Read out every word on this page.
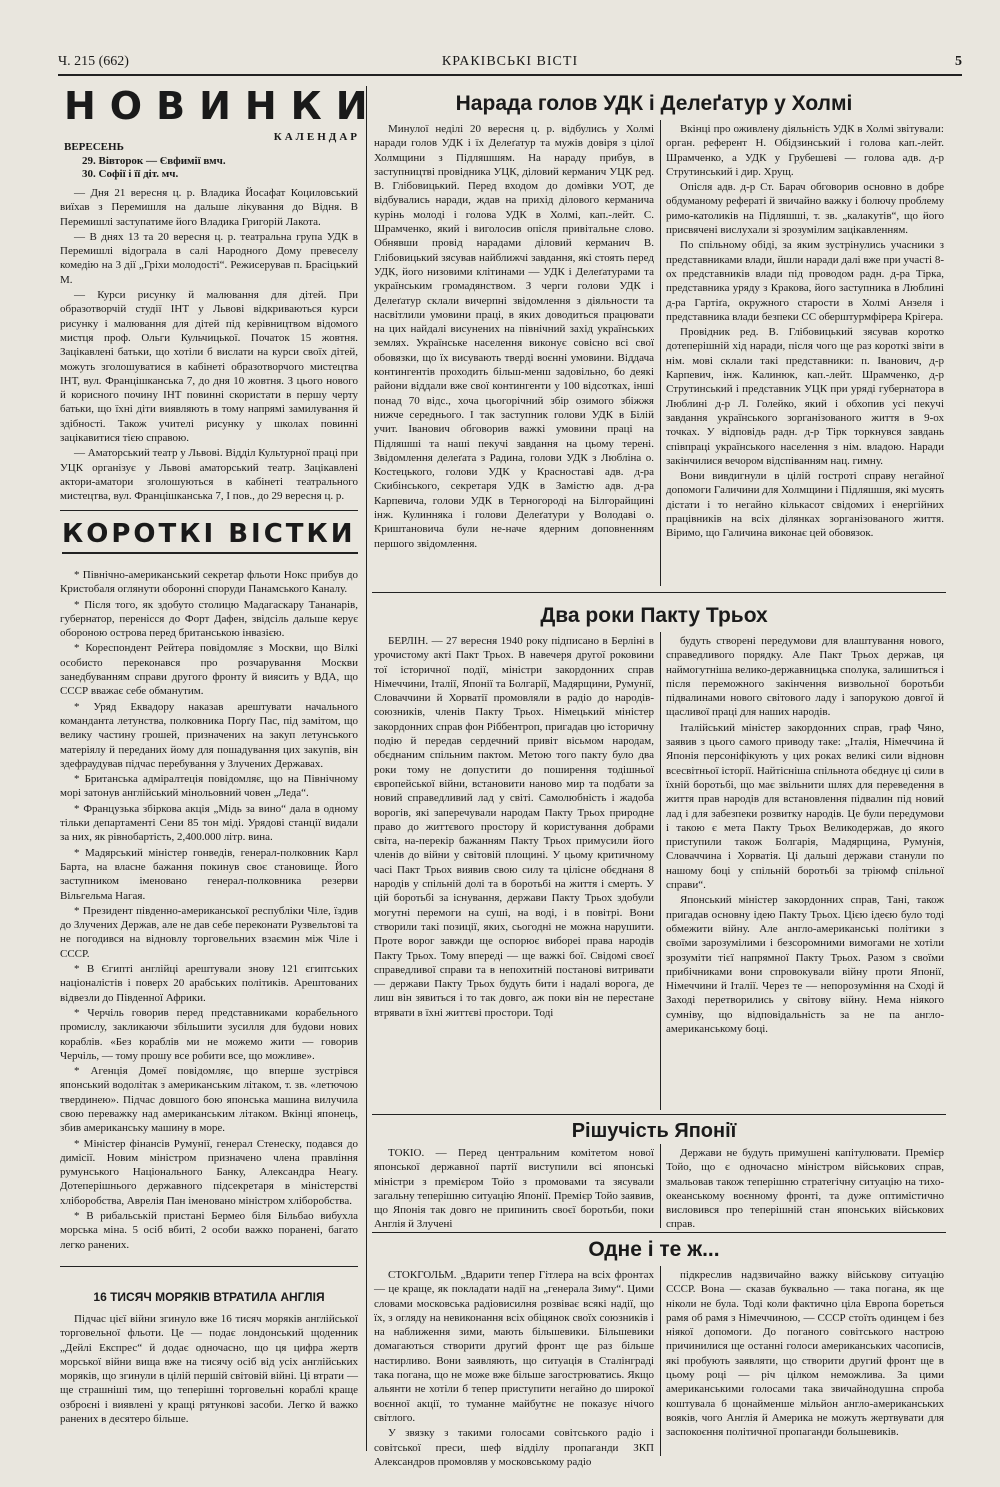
Ч. 215 (662)	КРАКІВСЬКІ ВІСТІ	5
НОВИНКИ
КАЛЕНДАР
ВЕРЕСЕНЬ
29. Вівторок — Євфимії вмч.
30. Софії і її діт. мч.

— Дня 21 вересня ц. р. Владика Йосафат Коциловський виїхав з Перемишля на дальше лікування до Відня. В Перемишлі заступатиме його Владика Григорій Лакота.

— В днях 13 та 20 вересня ц. р. театральна група УДК в Перемишлі відограла в салі Народного Дому превеселу комедію на 3 дії „Гріхи молодості“. Режисерував п. Брасіцький М.

— Курси рисунку й малювання для дітей. При образотворчій студії ІНТ у Львові відкриваються курси рисунку і малювання для дітей під керівництвом відомого мистця проф. Ольги Кульчицької. Початок 15 жовтня. Зацікавлені батьки, що хотіли б вислати на курси своїх дітей, можуть зголошуватися в кабінеті образотворчого мистецтва ІНТ, вул. Францішканська 7, до дня 10 жовтня. З цього нового й корисного почину ІНТ повинні скористати в першу черту батьки, що їхні діти виявляють в тому напрямі замилування й здібності. Також учителі рисунку у школах повинні зацікавитися тією справою.

— Аматорський театр у Львові. Відділ Культурної праці при УЦК організує у Львові аматорський театр. Зацікавлені актори-аматори зголошуються в кабінеті театрального мистецтва, вул. Францішканська 7, І пов., до 29 вересня ц. р.

КОРОТКІ ВІСТКИ

* Північно-американський секретар фльоти Нокс прибув до Кристобаля оглянути оборонні споруди Панамського Каналу.

* Після того, як здобуто столицю Мадагаскару Тананарів, губернатор, перенісся до Форт Дафен, звідсіль дальше керує обороною острова перед британською інвазією.

* Кореспондент Рейтера повідомляє з Москви, що Вілкі особисто переконався про розчарування Москви занедбуванням справи другого фронту й виясить у ВДА, що СССР вважає себе обманутим.

* Уряд Еквадору наказав арештувати начального команданта летунства, полковника Порґу Пас, під замітом, що велику частину грошей, призначених на закуп летунського матеріялу й переданих йому для пошадування цих закупів, він здефраудував підчас перебування у Злучених Державах.

* Британська адміралтеція повідомляє, що на Північному морі затонув англійський мінольовний човен „Леда“.

* Французька збіркова акція „Мідь за вино“ дала в одному тільки департаменті Сени 85 тон міді. Урядові станції видали за них, як рівнобартість, 2,400.000 літр. вина.

* Мадярський міністер гонведів, генерал-полковник Карл Барта, на власне бажання покинув своє становище. Його заступником іменовано генерал-полковника резерви Вільгельма Нагая.

* Президент південно-американської республіки Чіле, їздив до Злучених Держав, але не дав себе переконати Рузвельтові та не погодився на відновлу торговельних взаємин між Чіле і СССР.

* В Єгипті англійці арештували знову 121 єгиптських націоналістів і поверх 20 арабських політиків. Арештованих відвезли до Південної Африки.

* Черчіль говорив перед представниками корабельного промислу, закликаючи збільшити зусилля для будови нових кораблів. «Без кораблів ми не можемо жити — говорив Черчіль, — тому прошу все робити все, що можливе».

* Агенція Домеї повідомляє, що вперше зустрівся японський водолітак з американським літаком, т. зв. «летючою твердинею». Підчас довшого бою японська машина вилучила свою переважку над американським літаком. Вкінці японець, збив американську машину в море.

* Міністер фінансів Румунії, генерал Стенеску, подався до димісії. Новим міністром призначено члена правління румунського Національного Банку, Александра Неагу. Дотеперішнього державного підсекретаря в міністерстві хліборобства, Аврелія Пан іменовано міністром хліборобства.

* В рибальській пристані Бермео біля Більбао вибухла морська міна. 5 осіб вбиті, 2 особи важко поранені, багато легко ранених.

16 ТИСЯЧ МОРЯКІВ ВТРАТИЛА АНГЛІЯ

Підчас цієї війни згинуло вже 16 тисяч моряків англійської торговельної фльоти. Це — подає лондонський щоденник „Дейлі Експрес“ й додає одночасно, що ця цифра жертв морської війни вища вже на тисячу осіб від усіх англійських моряків, що згинули в цілій першій світовій війні. Ці втрати — ще страшніші тим, що теперішні торговельні кораблі краще озброєні і виявлені у кращі рятункові засоби. Легко й важко ранених в десятеро більше.

Нарада голов УДК і Делеґатур у Холмі

Минулої неділі 20 вересня ц. р. відбулись у Холмі наради голов УДК і їх Делеґатур та мужів довіря з цілої Холмщини з Підляшшям. На нараду прибув, в заступництві провідника УЦК, діловий керманич УЦК ред. В. Глібовицький. Перед входом до домівки УОТ, де відбувались наради, ждав на прихід ділового керманича курінь молоді і голова УДК в Холмі, кап.-лейт. С. Шрамченко, який і виголосив опісля привітальне слово. Обнявши провід нарадами діловий керманич В. Глібовицький зясував найближчі завдання, які стоять перед УДК, його низовими клітинами — УДК і Делеґатурами та українським громадянством. З черги голови УДК і Делеґатур склали вичерпні звідомлення з діяльности та насвітлили умовини праці, в яких доводиться працювати на цих найдалі висунених на північний захід українських землях. Українське населення виконує совісно всі свої обовязки, що їх висувають тверді воєнні умовини. Віддача контингентів проходить більш-менш задовільно, бо деякі райони віддали вже свої контингенти у 100 відсотках, інші понад 70 відс., хоча цьогорічний збір озимого збіжжя нижче середнього. І так заступник голови УДК в Білій учит. Іванович обговорив важкі умовини праці на Підляшші та наші пекучі завдання на цьому терені. Звідомлення делеґата з Радина, голови УДК з Любліна о. Костецького, голови УДК у Красноставі адв. д-ра Скибінського, секретаря УДК в Замістю адв. д-ра Карпевича, голови УДК в Терногороді на Білгорайщині інж. Кулинняка і голови Делеґатури у Володаві о. Криштановича були не-наче ядерним доповненням першого звідомлення.

Вкінці про оживлену діяльність УДК в Холмі звітували: орган. референт Н. Обідзинський і голова кап.-лейт. Шрамченко, а УДК у Грубешеві — голова адв. д-р Струтинський і дир. Хрущ.

Опісля адв. д-р Ст. Барач обговорив основно в добре обдуманому рефераті й звичайно важку і болючу проблему римо-католиків на Підляшші, т. зв. „калакутів“, що його присвячені вислухали зі зрозумілим зацікавленням.

По спільному обіді, за яким зустрінулись учасники з представниками влади, йшли наради далі вже при участі 8-ох представників влади під проводом радн. д-ра Тірка, представника уряду з Кракова, його заступника в Люблині д-ра Гартіґа, окружного старости в Холмі Анзеля і представника влади безпеки СС оберштурмфірера Крігера.

Провідник ред. В. Глібовицький зясував коротко дотеперішній хід наради, після чого ще раз короткі звіти в нім. мові склали такі представники: п. Іванович, д-р Карпевич, інж. Калинюк, кап.-лейт. Шрамченко, д-р Струтинський і представник УЦК при уряді губернатора в Люблині д-р Л. Голейко, який і обхопив усі пекучі завдання українського зорганізованого життя в 9-ох точках. У відповідь радн. д-р Тірк торкнувся завдань співпраці українського населення з нім. владою. Наради закінчилися вечором відспіванням нац. гимну.

Вони вивдигнули в цілій гостроті справу негайної допомоги Галичини для Холмщини і Підляшшя, які мусять дістати і то негайно кількасот свідомих і енергійних працівників на всіх ділянках зорганізованого життя. Віримо, що Галичина виконає цей обовязок.

Два роки Пакту Трьох

БЕРЛІН. — 27 вересня 1940 року підписано в Берліні в урочистому акті Пакт Трьох. В навечеря другої роковини тої історичної події, міністри закордонних справ Німеччини, Італії, Японії та Болгарії, Мадярщини, Румунії, Словаччини й Хорватії промовляли в радіо до народів-союзників, членів Пакту Трьох. Німецький міністер закордонних справ фон Ріббентроп, пригадав цю історичну подію й передав сердечний привіт вісьмом народам, обєднаним спільним пактом. Метою того пакту було два роки тому не допустити до поширення тодішньої європейської війни, встановити наново мир та подбати за новий справедливий лад у світі. Самолюбність і жадоба ворогів, які заперечували народам Пакту Трьох природне право до життєвого простору й користування добрами світа, на-перекір бажанням Пакту Трьох примусили його членів до війни у світовій площині. У цьому критичному часі Пакт Трьох виявив свою силу та цілісне обєднаня 8 народів у спільній долі та в боротьбі на життя і смерть. У цій боротьбі за існування, держави Пакту Трьох здобули могутні перемоги на суші, на воді, і в повітрі. Вони створили такі позиції, яких, сьогодні не можна нарушити. Проте ворог завжди ще оспорює вибореі права народів Пакту Трьох. Тому впереді — ще важкі бої. Свідомі своєї справедливої справи та в непохитній постанові витривати — держави Пакту Трьох будуть бити і надалі ворога, де лиш він зявиться і то так довго, аж поки він не перестане втрявати в їхні життєві простори. Тоді

будуть створені передумови для влаштування нового, справедливого порядку. Але Пакт Трьох держав, ця наймогутніша велико-державницька сполука, залишиться і після переможного закінчення визвольної боротьби підвалинами нового світового ладу і запорукою довгої й щасливої праці для наших народів.

Італійський міністер закордонних справ, граф Чяно, заявив з цього самого приводу таке: „Італія, Німеччина й Японія персоніфікують у цих роках великі сили відновн всесвітньої історії. Найтісніша спільнота обєднує ці сили в їхній боротьбі, що має звільнити шлях для переведення в життя прав народів для встановлення підвалин під новий лад і для забезпеки розвитку народів. Це були передумови і такою є мета Пакту Трьох Великодержав, до якого приступили також Болгарія, Мадярщина, Румунія, Словаччина і Хорватія. Ці дальші держави станули по нашому боці у спільній боротьбі за тріюмф спільної справи“.

Японський міністер закордонних справ, Тані, також пригадав основну ідею Пакту Трьох. Цією ідеєю було тоді обмежити війну. Але англо-американські політики з своїми зарозумілими і безсоромними вимогами не хотіли зрозуміти тієї напрямної Пакту Трьох. Разом з своїми прибічниками вони спровокували війну проти Японії, Німеччини й Італії. Через те — непорозуміння на Сході й Заході перетворились у світову війну. Нема ніякого сумніву, що відповідальність за не па англо-американському боці.

Рішучість Японії

ТОКІО. — Перед центральним комітетом нової японської державної партії виступили всі японські міністри з премієром Тойо з промовами та зясували загальну теперішню ситуацію Японії. Премієр Тойо заявив, що Японія так довго не припинить своєї боротьби, поки Англія й Злучені

Держави не будуть примушені капітулювати. Премієр Тойо, що є одночасно міністром військових справ, змальовав також теперішню стратегічну ситуацію на тихо-океанському воєнному фронті, та дуже оптимістично висловився про теперішній стан японських військових справ.

Одне і те ж...

СТОКГОЛЬМ. „Вдарити тепер Гітлера на всіх фронтах — це краще, як покладати надії на „генерала Зиму“. Цими словами московська радіовисилня розвіває всякі надії, що їх, з огляду на невиконання всіх обіцянок своїх союзників і на наближення зими, мають більшевики. Більшевики домагаються створити другий фронт ще раз більше настирливо. Вони заявляють, що ситуація в Сталінграді така погана, що не може вже більше загострюватись. Якщо альянти не хотіли б тепер приступити негайно до широкої воєнної акції, то туманне майбутнє не показує нічого світлого.

У звязку з такими голосами совітського радіо і совітської преси, шеф відділу пропаганди ЗКП Александров промовляв у московському радіо

підкреслив надзвичайно важку військову ситуацію СССР. Вона — сказав буквально — така погана, як ще ніколи не була. Тоді коли фактично ціла Европа бореться рамя об рамя з Німеччиною, — СССР стоїть одинцем і без ніякої допомоги. До поганого совітського настрою причинилися ще останні голоси американських часописів, які пробують заявляти, що створити другий фронт ще в цьому році — річ цілком неможлива. За цими американськими голосами така звичайнодушна спроба коштувала б щонайменше мільйон англо-американських вояків, чого Англія й Америка не можуть жертвувати для заспокоєння політичної пропаганди большевиків.
